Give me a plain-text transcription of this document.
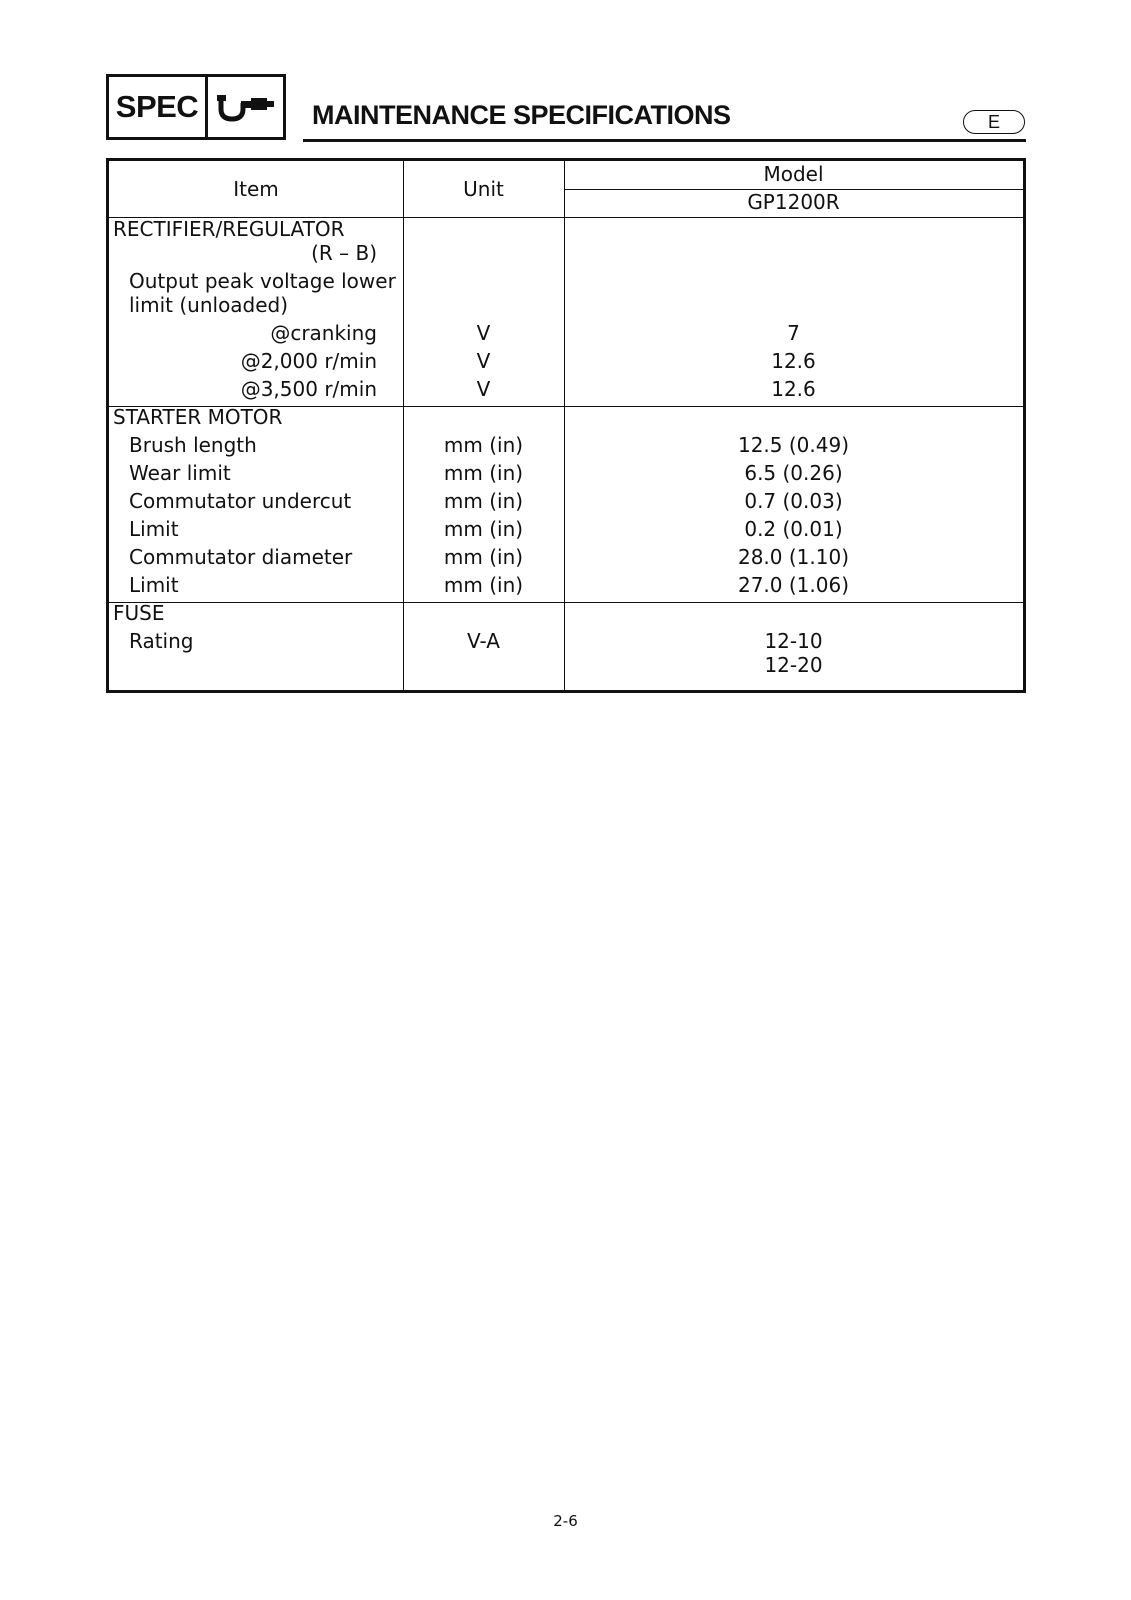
SPEC	MAINTENANCE SPECIFICATIONS	E
Item	Unit
Model
GP1200R
RECTIFIER/REGULATOR
(R – B)
Output peak voltage lower
limit (unloaded)
@cranking	V	7
@2,000 r/min	V	12.6
@3,500 r/min	V	12.6
STARTER MOTOR
Brush length	mm (in)	12.5 (0.49)
Wear limit	mm (in)	6.5 (0.26)
Commutator undercut	mm (in)	0.7 (0.03)
Limit	mm (in)	0.2 (0.01)
Commutator diameter	mm (in)	28.0 (1.10)
Limit	mm (in)	27.0 (1.06)
FUSE
Rating	V-A	12-10
12-20
2-6
